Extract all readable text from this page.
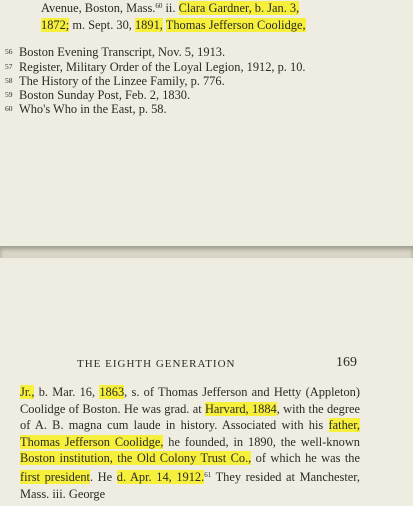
Avenue, Boston, Mass.$^{60}$ ii. Clara Gardner, b. Jan. 3,
1872; m. Sept. 30, 1891, Thomas Jefferson Coolidge,
56 Boston Evening Transcript, Nov. 5, 1913.
57 Register, Military Order of the Loyal Legion, 1912, p. 10.
58 The History of the Linzee Family, p. 776.
59 Boston Sunday Post, Feb. 2, 1830.
60 Who's Who in the East, p. 58.
THE EIGHTH GENERATION	169
Jr., b. Mar. 16, 1863, s. of Thomas Jefferson and Hetty (Appleton) Coolidge of Boston. He was grad. at Harvard, 1884, with the degree of A. B. magna cum laude in history. Associated with his father, Thomas Jefferson Coolidge, he founded, in 1890, the well-known Boston institution, the Old Colony Trust Co., of which he was the first president. He d. Apr. 14, 1912.61 They resided at Manchester, Mass. iii. George
